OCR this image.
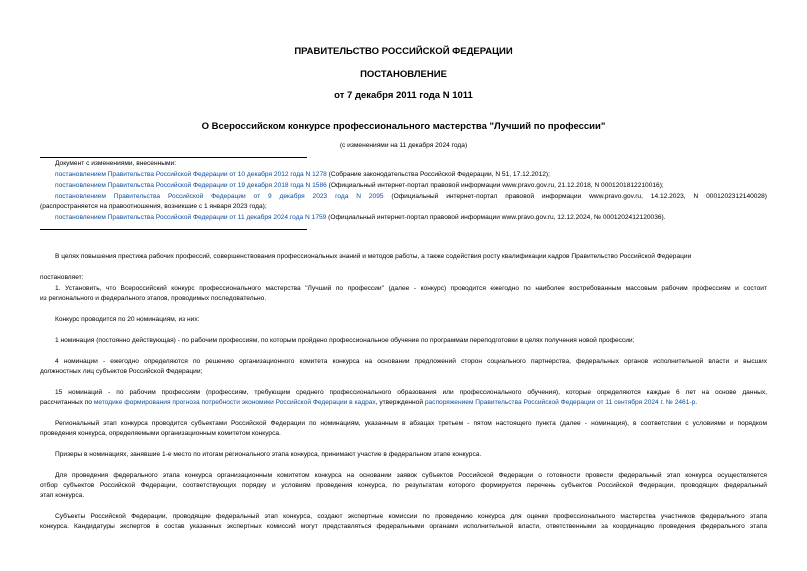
ПРАВИТЕЛЬСТВО РОССИЙСКОЙ ФЕДЕРАЦИИ
ПОСТАНОВЛЕНИЕ
от 7 декабря 2011 года N 1011
О Всероссийском конкурсе профессионального мастерства "Лучший по профессии"
(с изменениями на 11 декабря 2024 года)
Документ с изменениями, внесенными:
постановлением Правительства Российской Федерации от 10 декабря 2012 года N 1278 (Собрание законодательства Российской Федерации, N 51, 17.12.2012);
постановлением Правительства Российской Федерации от 19 декабря 2018 года N 1586 (Официальный интернет-портал правовой информации www.pravo.gov.ru, 21.12.2018, N 0001201812210016);
постановлением Правительства Российской Федерации от 9 декабря 2023 года N 2095 (Официальный интернет-портал правовой информации www.pravo.gov.ru, 14.12.2023, N 0001202312140028)
(распространяется на правоотношения, возникшие с 1 января 2023 года);
постановлением Правительства Российской Федерации от 11 декабря 2024 года N 1759 (Официальный интернет-портал правовой информации www.pravo.gov.ru, 12.12.2024, № 0001202412120036).
В целях повышения престижа рабочих профессий, совершенствования профессиональных знаний и методов работы, а также содействия росту квалификации кадров Правительство Российской Федерации
постановляет:
1. Установить, что Всероссийский конкурс профессионального мастерства "Лучший по профессии" (далее - конкурс) проводится ежегодно по наиболее востребованным массовым рабочим профессиям и состоит
из регионального и федерального этапов, проводимых последовательно.
Конкурс проводится по 20 номинациям, из них:
1 номинация (постоянно действующая) - по рабочим профессиям, по которым пройдено профессиональное обучение по программам переподготовки в целях получения новой профессии;
4 номинации - ежегодно определяются по решению организационного комитета конкурса на основании предложений сторон социального партнерства, федеральных органов исполнительной власти и высших
должностных лиц субъектов Российской Федерации;
15 номинаций - по рабочим профессиям (профессиям, требующим среднего профессионального образования или профессионального обучения), которые определяются каждые 6 лет на основе данных,
рассчитанных по методике формирования прогноза потребности экономики Российской Федерации в кадрах, утвержденной распоряжением Правительства Российской Федерации от 11 сентября 2024 г. № 2461-р.
Региональный этап конкурса проводится субъектами Российской Федерации по номинациям, указанным в абзацах третьем - пятом настоящего пункта (далее - номинация), в соответствии с условиями и порядком
проведения конкурса, определяемыми организационным комитетом конкурса.
Призеры в номинациях, занявшие 1-е место по итогам регионального этапа конкурса, принимают участие в федеральном этапе конкурса.
Для проведения федерального этапа конкурса организационным комитетом конкурса на основании заявок субъектов Российской Федерации о готовности провести федеральный этап конкурса осуществляется
отбор субъектов Российской Федерации, соответствующих порядку и условиям проведения конкурса, по результатам которого формируется перечень субъектов Российской Федерации, проводящих федеральный
этап конкурса.
Субъекты Российской Федерации, проводящие федеральный этап конкурса, создают экспертные комиссии по проведению конкурса для оценки профессионального мастерства участников федерального этапа
конкурса. Кандидатуры экспертов в состав указанных экспертных комиссий могут представляться федеральными органами исполнительной власти, ответственными за координацию проведения федерального этапа
